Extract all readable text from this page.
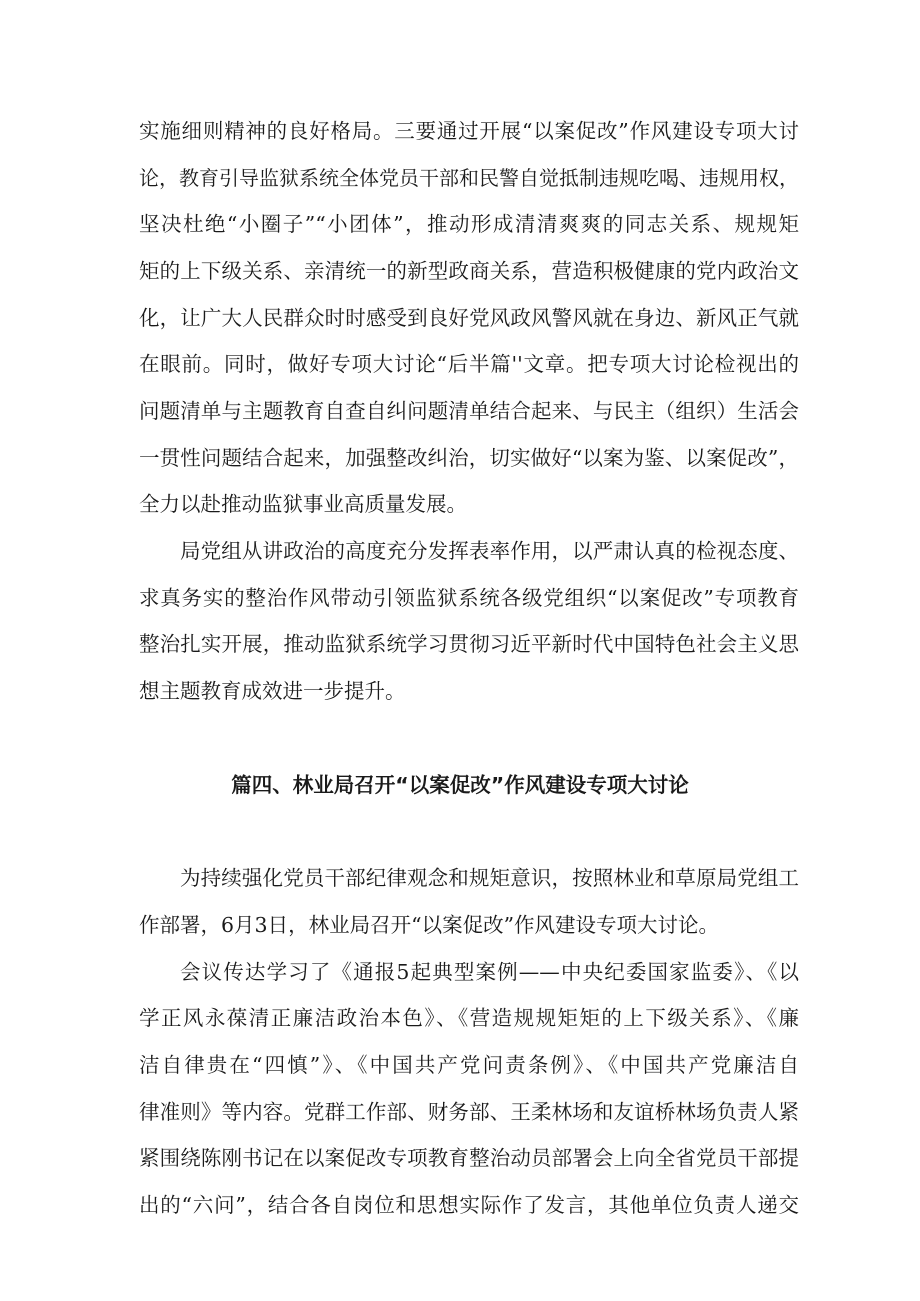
实施细则精神的良好格局。三要通过开展“以案促改”作风建设专项大讨
论，教育引导监狱系统全体党员干部和民警自觉抵制违规吃喝、违规用权，
坚决杜绝“小圈子”“小团体”，推动形成清清爽爽的同志关系、规规矩
矩的上下级关系、亲清统一的新型政商关系，营造积极健康的党内政治文
化，让广大人民群众时时感受到良好党风政风警风就在身边、新风正气就
在眼前。同时，做好专项大讨论“后半篇''文章。把专项大讨论检视出的
问题清单与主题教育自查自纠问题清单结合起来、与民主（组织）生活会
一贯性问题结合起来，加强整改纠治，切实做好“以案为鉴、以案促改”，
全力以赴推动监狱事业高质量发展。
局党组从讲政治的高度充分发挥表率作用，以严肃认真的检视态度、
求真务实的整治作风带动引领监狱系统各级党组织“以案促改”专项教育
整治扎实开展，推动监狱系统学习贯彻习近平新时代中国特色社会主义思
想主题教育成效进一步提升。
篇四、林业局召开“以案促改”作风建设专项大讨论
为持续强化党员干部纪律观念和规矩意识，按照林业和草原局党组工
作部署，6月3日，林业局召开“以案促改”作风建设专项大讨论。
会议传达学习了《通报5起典型案例——中央纪委国家监委》、《以
学正风永葆清正廉洁政治本色》、《营造规规矩矩的上下级关系》、《廉
洁自律贵在“四慎”》、《中国共产党问责条例》、《中国共产党廉洁自
律准则》等内容。党群工作部、财务部、王柔林场和友谊桥林场负责人紧
紧围绕陈刚书记在以案促改专项教育整治动员部署会上向全省党员干部提
出的“六问”，结合各自岗位和思想实际作了发言，其他单位负责人递交
